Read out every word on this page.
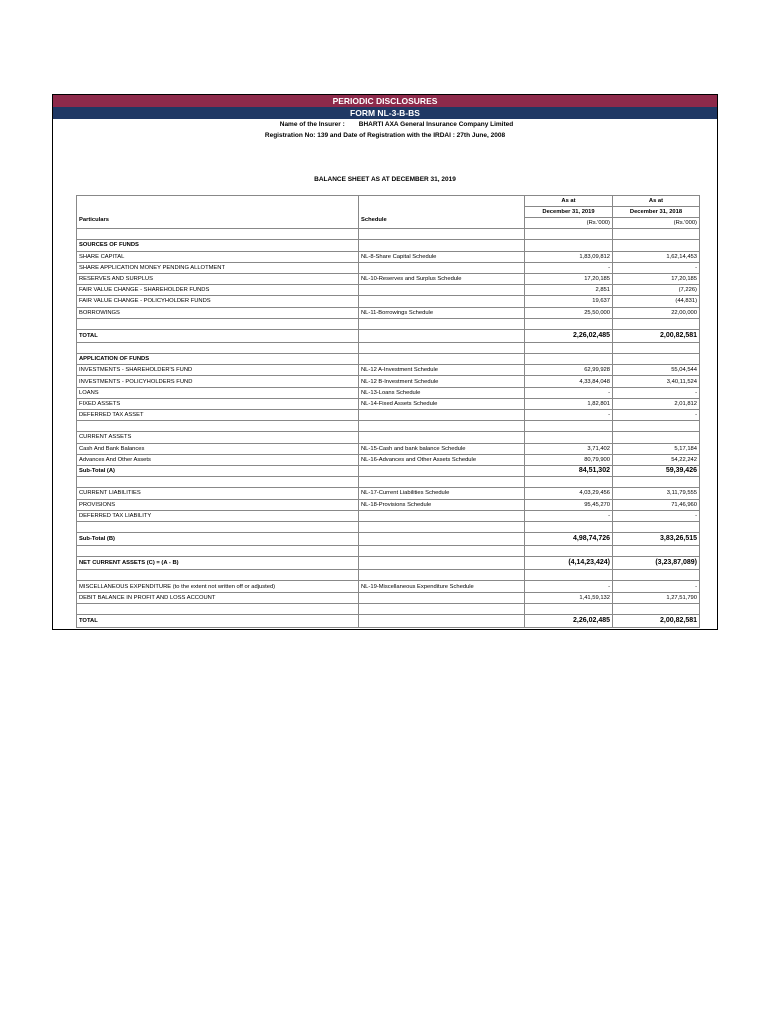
PERIODIC DISCLOSURES
FORM NL-3-B-BS
Name of the Insurer : BHARTI AXA General Insurance Company Limited
Registration No: 139 and Date of Registration with the IRDAI : 27th June, 2008
BALANCE SHEET AS AT DECEMBER 31, 2019
Particulars	Schedule	As at	As at
		December 31, 2019	December 31, 2018
		(Rs.'000)	(Rs.'000)

SOURCES OF FUNDS			
SHARE CAPITAL	NL-8-Share Capital Schedule	1,83,09,812	1,62,14,453
SHARE APPLICATION MONEY PENDING ALLOTMENT		-	-
RESERVES AND SURPLUS	NL-10-Reserves and Surplus Schedule	17,20,185	17,20,185
FAIR VALUE CHANGE - SHAREHOLDER FUNDS		2,851	(7,226)
FAIR VALUE CHANGE - POLICYHOLDER FUNDS		19,637	(44,831)
BORROWINGS	NL-11-Borrowings Schedule	25,50,000	22,00,000

TOTAL		2,26,02,485	2,00,82,581

APPLICATION OF FUNDS			
INVESTMENTS - SHAREHOLDER'S FUND	NL-12 A-Investment Schedule	62,99,928	55,04,544
INVESTMENTS - POLICYHOLDERS FUND	NL-12 B-Investment Schedule	4,33,84,048	3,40,11,524
LOANS	NL-13-Loans Schedule	-	-
FIXED ASSETS	NL-14-Fixed Assets Schedule	1,82,801	2,01,812
DEFERRED TAX ASSET		-	-

CURRENT ASSETS			
Cash And Bank Balances	NL-15-Cash and bank balance Schedule	3,71,402	5,17,184
Advances And Other Assets	NL-16-Advances and Other Assets Schedule	80,79,900	54,22,242
Sub-Total (A)		84,51,302	59,39,426

CURRENT LIABILITIES	NL-17-Current Liabilities Schedule	4,03,29,456	3,11,79,555
PROVISIONS	NL-18-Provisions Schedule	95,45,270	71,46,960
DEFERRED TAX LIABILITY		-	-

Sub-Total (B)		4,98,74,726	3,83,26,515

NET CURRENT ASSETS (C) = (A - B)		(4,14,23,424)	(3,23,87,089)

MISCELLANEOUS EXPENDITURE (to the extent not written off or adjusted)	NL-19-Miscellaneous Expenditure Schedule	-	-
DEBIT BALANCE IN PROFIT AND LOSS ACCOUNT		1,41,59,132	1,27,51,790

TOTAL		2,26,02,485	2,00,82,581
